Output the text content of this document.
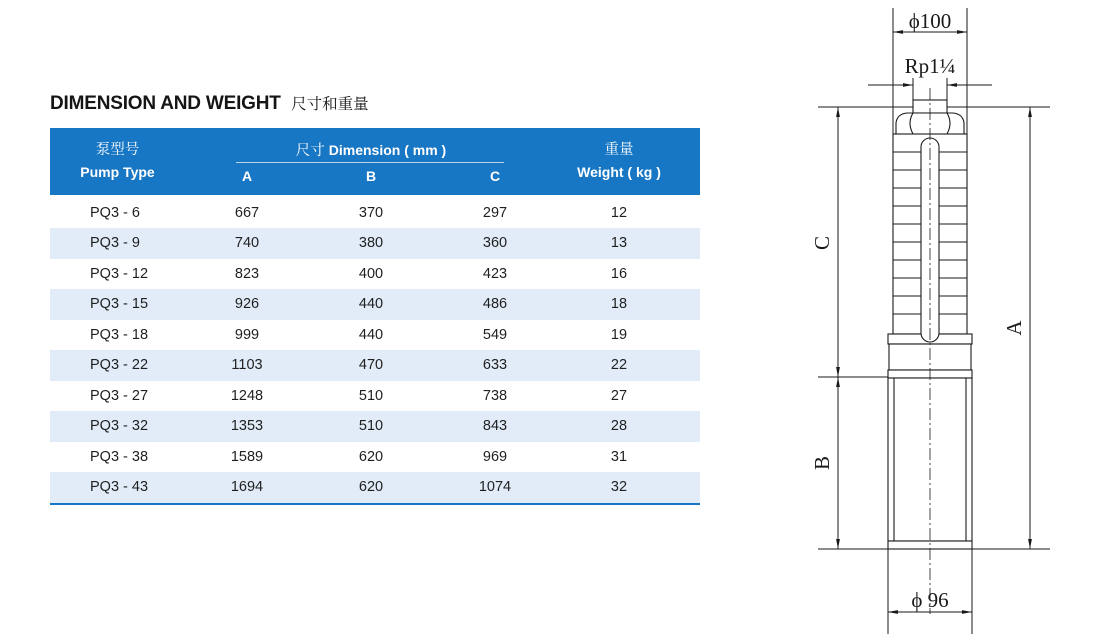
DIMENSION AND WEIGHT 尺寸和重量
泵型号
Pump Type
尺寸 Dimension ( mm )
A	B	C
重量
Weight ( kg )
PQ3 - 6	667	370	297	12
PQ3 - 9	740	380	360	13
PQ3 - 12	823	400	423	16
PQ3 - 15	926	440	486	18
PQ3 - 18	999	440	549	19
PQ3 - 22	1103	470	633	22
PQ3 - 27	1248	510	738	27
PQ3 - 32	1353	510	843	28
PQ3 - 38	1589	620	969	31
PQ3 - 43	1694	620	1074	32
ϕ100
Rp1¼
C
B
A
ϕ 96
